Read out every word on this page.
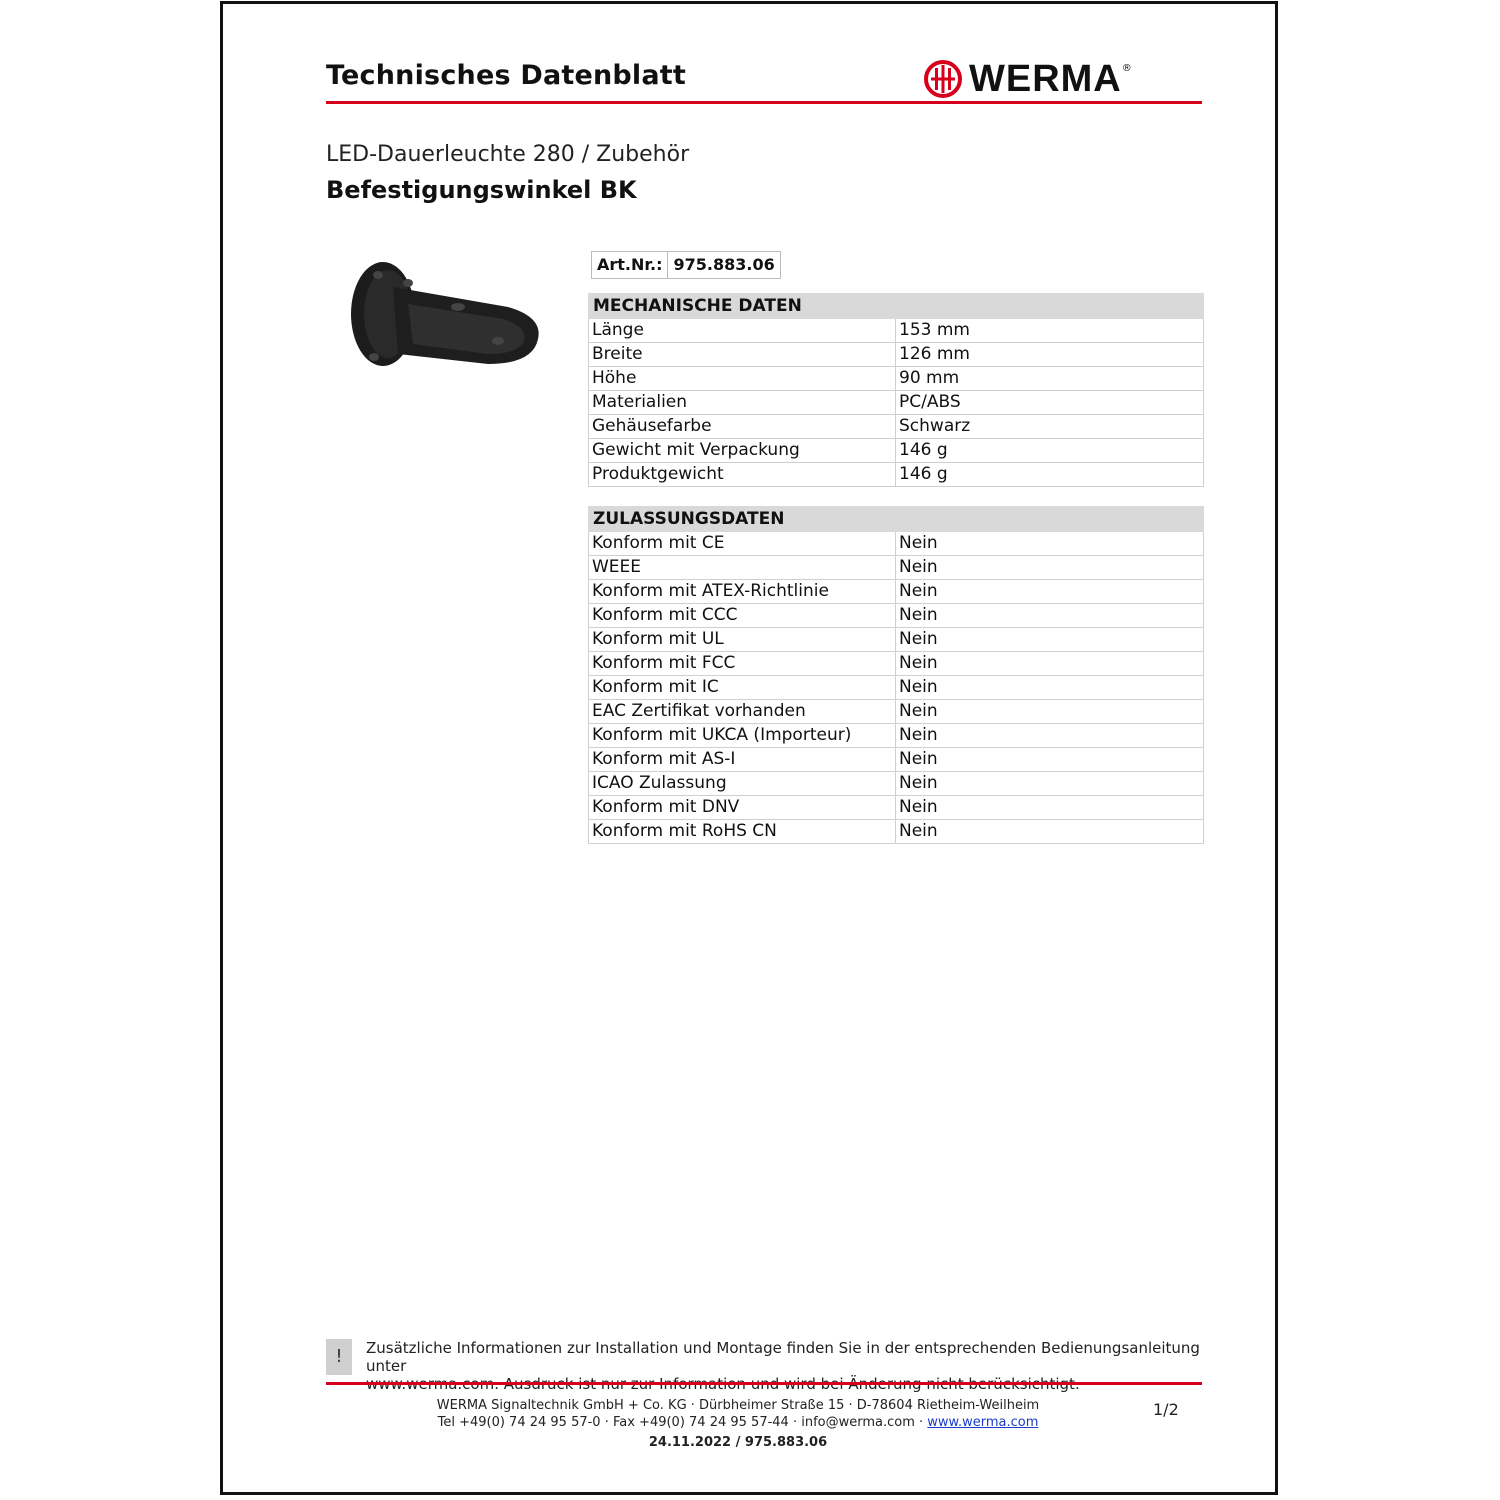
Technisches Datenblatt	WERMA ®
LED-Dauerleuchte 280 / Zubehör
Befestigungswinkel BK
Art.Nr.: 975.883.06
MECHANISCHE DATEN	
Länge	153 mm
Breite	126 mm
Höhe	90 mm
Materialien	PC/ABS
Gehäusefarbe	Schwarz
Gewicht mit Verpackung	146 g
Produktgewicht	146 g
ZULASSUNGSDATEN	
Konform mit CE	Nein
WEEE	Nein
Konform mit ATEX-Richtlinie	Nein
Konform mit CCC	Nein
Konform mit UL	Nein
Konform mit FCC	Nein
Konform mit IC	Nein
EAC Zertifikat vorhanden	Nein
Konform mit UKCA (Importeur)	Nein
Konform mit AS-I	Nein
ICAO Zulassung	Nein
Konform mit DNV	Nein
Konform mit RoHS CN	Nein
!	Zusätzliche Informationen zur Installation und Montage finden Sie in der entsprechenden Bedienungsanleitung unter
WERMA Signaltechnik GmbH + Co. KG · Dürbheimer Straße 15 · D-78604 Rietheim-Weilheim
Tel +49(0) 74 24 95 57-0 · Fax +49(0) 74 24 95 57-44 · info@werma.com · www.werma.com
24.11.2022 / 975.883.06
1/2
